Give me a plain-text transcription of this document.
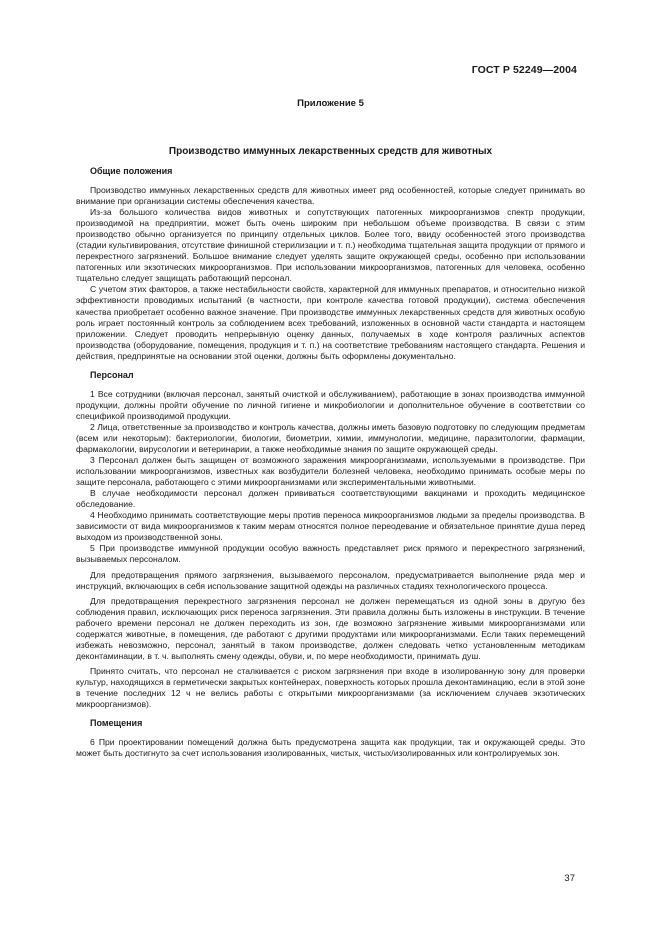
ГОСТ Р 52249—2004
Приложение 5
Производство иммунных лекарственных средств для животных
Общие положения

Производство иммунных лекарственных средств для животных имеет ряд особенностей, которые следует принимать во внимание при организации системы обеспечения качества.

Из-за большого количества видов животных и сопутствующих патогенных микроорганизмов спектр продукции, производимой на предприятии, может быть очень широким при небольшом объеме производства. В связи с этим производство обычно организуется по принципу отдельных циклов. Более того, ввиду особенностей этого производства (стадии культивирования, отсутствие финишной стерилизации и т. п.) необходима тщательная защита продукции от прямого и перекрестного загрязнений. Большое внимание следует уделять защите окружающей среды, особенно при использовании патогенных или экзотических микроорганизмов. При использовании микроорганизмов, патогенных для человека, особенно тщательно следует защищать работающий персонал.

С учетом этих факторов, а также нестабильности свойств, характерной для иммунных препаратов, и относительно низкой эффективности проводимых испытаний (в частности, при контроле качества готовой продукции), система обеспечения качества приобретает особенно важное значение. При производстве иммунных лекарственных средств для животных особую роль играет постоянный контроль за соблюдением всех требований, изложенных в основной части стандарта и настоящем приложении. Следует проводить непрерывную оценку данных, получаемых в ходе контроля различных аспектов производства (оборудование, помещения, продукция и т. п.) на соответствие требованиям настоящего стандарта. Решения и действия, предпринятые на основании этой оценки, должны быть оформлены документально.

Персонал

1 Все сотрудники (включая персонал, занятый очисткой и обслуживанием), работающие в зонах производства иммунной продукции, должны пройти обучение по личной гигиене и микробиологии и дополнительное обучение в соответствии со спецификой производимой продукции.

2 Лица, ответственные за производство и контроль качества, должны иметь базовую подготовку по следующим предметам (всем или некоторым): бактериологии, биологии, биометрии, химии, иммунологии, медицине, паразитологии, фармации, фармакологии, вирусологии и ветеринарии, а также необходимые знания по защите окружающей среды.

3 Персонал должен быть защищен от возможного заражения микроорганизмами, используемыми в производстве. При использовании микроорганизмов, известных как возбудители болезней человека, необходимо принимать особые меры по защите персонала, работающего с этими микроорганизмами или экспериментальными животными.

В случае необходимости персонал должен прививаться соответствующими вакцинами и проходить медицинское обследование.

4 Необходимо принимать соответствующие меры против переноса микроорганизмов людьми за пределы производства. В зависимости от вида микроорганизмов к таким мерам относятся полное переодевание и обязательное принятие душа перед выходом из производственной зоны.

5 При производстве иммунной продукции особую важность представляет риск прямого и перекрестного загрязнений, вызываемых персоналом.

Для предотвращения прямого загрязнения, вызываемого персоналом, предусматривается выполнение ряда мер и инструкций, включающих в себя использование защитной одежды на различных стадиях технологического процесса.

Для предотвращения перекрестного загрязнения персонал не должен перемещаться из одной зоны в другую без соблюдения правил, исключающих риск переноса загрязнения. Эти правила должны быть изложены в инструкции. В течение рабочего времени персонал не должен переходить из зон, где возможно загрязнение живыми микроорганизмами или содержатся животные, в помещения, где работают с другими продуктами или микроорганизмами. Если таких перемещений избежать невозможно, персонал, занятый в таком производстве, должен следовать четко установленным методикам деконтаминации, в т. ч. выполнять смену одежды, обуви, и, по мере необходимости, принимать душ.

Принято считать, что персонал не сталкивается с риском загрязнения при входе в изолированную зону для проверки культур, находящихся в герметически закрытых контейнерах, поверхность которых прошла деконтаминацию, если в этой зоне в течение последних 12 ч не велись работы с открытыми микроорганизмами (за исключением случаев экзотических микроорганизмов).

Помещения

6 При проектировании помещений должна быть предусмотрена защита как продукции, так и окружающей среды. Это может быть достигнуто за счет использования изолированных, чистых, чистых/изолированных или контролируемых зон.

37
